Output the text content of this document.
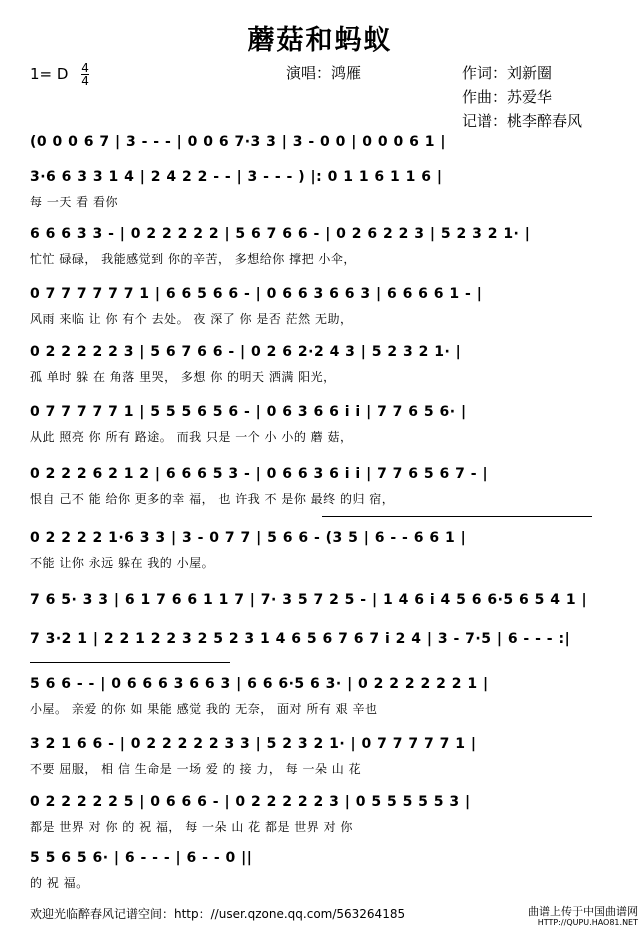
蘑菇和蚂蚁
1= D $\frac{4}{4}$	演唱：鸿雁	作词：刘新圈
作曲：苏爱华
记谱：桃李醉春风
(0 0 0 6 7 | 3 - - - | 0 0 6 7·3 3 | 3 - 0 0 | 0 0 0 6 1 |
3·6 6 3 3 1 4 | 2 4 2 2 - - | 3 - - - ) |: 0 1 1 6 1 1 6 |
每 一天 看 看你
6 6 6 3 3 - | 0 2 2 2 2 2 | 5 6 7 6 6 - | 0 2 6 2 2 3 | 5 2 3 2 1· |
忙忙 碌碌， 我能感觉到 你的辛苦， 多想给你 撑把 小伞，
0 7 7 7 7 7 7 1 | 6 6 5 6 6 - | 0 6 6 3 6 6 3 | 6 6 6 6 1 - |
风雨 来临 让 你 有个 去处。 夜 深了 你 是否 茫然 无助，
0 2 2 2 2 2 3 | 5 6 7 6 6 - | 0 2 6 2·2 4 3 | 5 2 3 2 1· |
孤 单时 躲 在 角落 里哭， 多想 你 的明天 洒满 阳光，
0 7 7 7 7 7 1 | 5 5 5 6 5 6 - | 0 6 3 6 6 i i | 7 7 6 5 6· |
从此 照亮 你 所有 路途。 而我 只是 一个 小 小的 蘑 菇，
0 2 2 2 6 2 1 2 | 6 6 6 5 3 - | 0 6 6 3 6 i i | 7 7 6 5 6 7 - |
恨自 己不 能 给你 更多的幸 福， 也 许我 不 是你 最终 的归 宿，
0 2 2 2 2 1·6 3 3 | 3 - 0 7 7 | 5 6 6 - (3 5 | 6 - - 6 6 1 |
不能 让你 永远 躲在 我的 小屋。
7 6 5· 3 3 | 6 1 7 6 6 1 1 7 | 7· 3 5 7 2 5 - | 1 4 6 i 4 5 6 6·5 6 5 4 1 |
7 3·2 1 | 2 2 1 2 2 3 2 5 2 3 1 4 6 5 6 7 6 7 i 2 4 | 3 - 7·5 | 6 - - - :|
5 6 6 - - | 0 6 6 6 3 6 6 3 | 6 6 6·5 6 3· | 0 2 2 2 2 2 2 1 |
小屋。 亲爱 的你 如 果能 感觉 我的 无奈， 面对 所有 艰 辛也
3 2 1 6 6 - | 0 2 2 2 2 2 3 3 | 5 2 3 2 1· | 0 7 7 7 7 7 1 |
不要 屈服， 相 信 生命是 一场 爱 的 接 力， 每 一朵 山 花
0 2 2 2 2 2 5 | 0 6 6 6 - | 0 2 2 2 2 2 3 | 0 5 5 5 5 5 3 |
都是 世界 对 你 的 祝 福， 每 一朵 山 花 都是 世界 对 你
5 5 6 5 6· | 6 - - - | 6 - - 0 ||
的 祝 福。
欢迎光临醉春风记谱空间：http：//user.qzone.qq.com/563264185	曲谱上传于中国曲谱网
HTTP://QUPU.HAO81.NET
